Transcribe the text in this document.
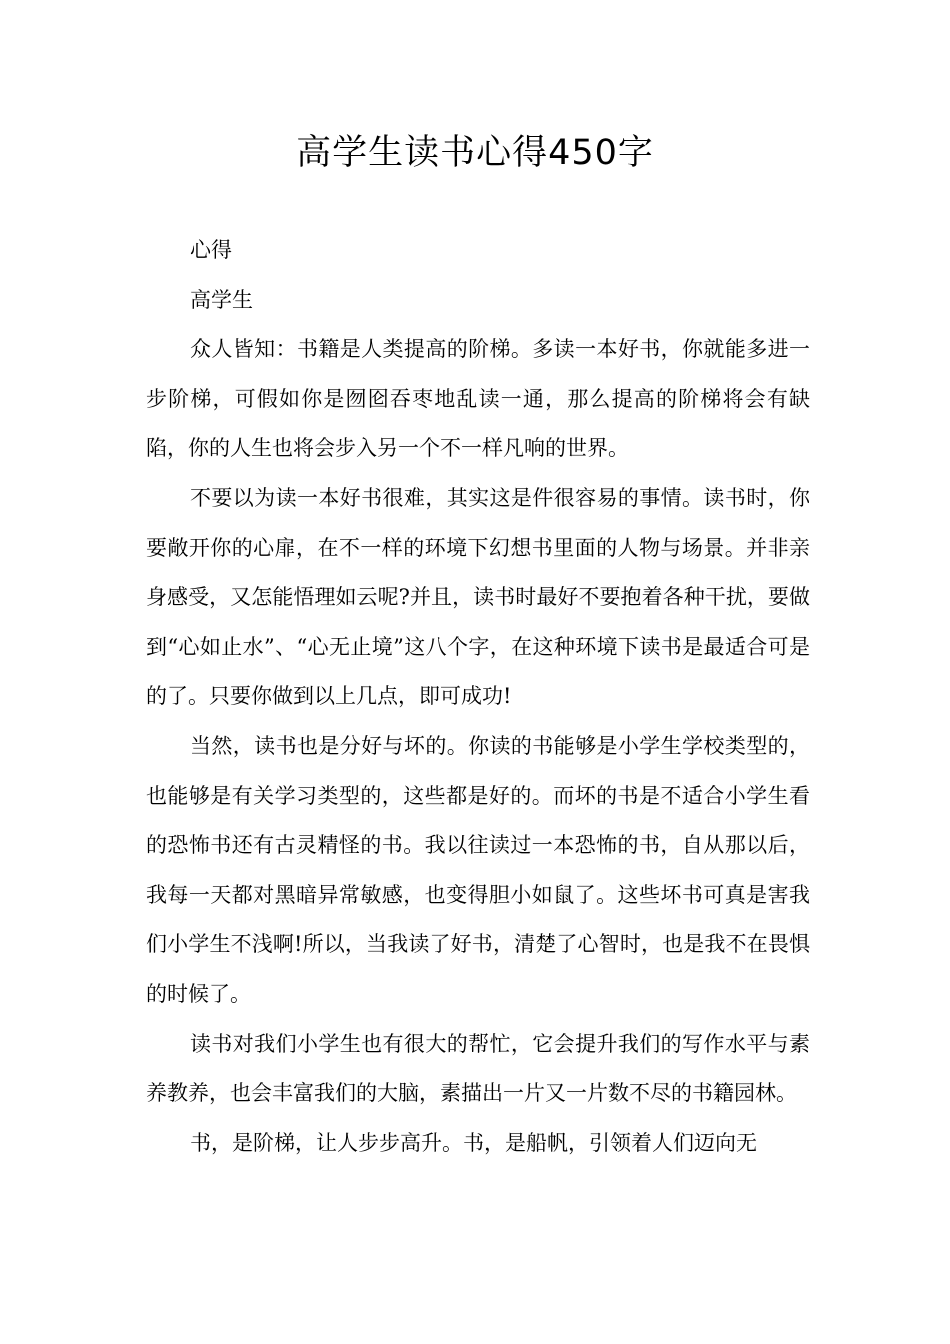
高学生读书心得450字

心得

高学生

众人皆知：书籍是人类提高的阶梯。多读一本好书，你就能多进一步阶梯，可假如你是囫囵吞枣地乱读一通，那么提高的阶梯将会有缺陷，你的人生也将会步入另一个不一样凡响的世界。

不要以为读一本好书很难，其实这是件很容易的事情。读书时，你要敞开你的心扉，在不一样的环境下幻想书里面的人物与场景。并非亲身感受，又怎能悟理如云呢?并且，读书时最好不要抱着各种干扰，要做到“心如止水”、“心无止境”这八个字，在这种环境下读书是最适合可是的了。只要你做到以上几点，即可成功!

当然，读书也是分好与坏的。你读的书能够是小学生学校类型的，也能够是有关学习类型的，这些都是好的。而坏的书是不适合小学生看的恐怖书还有古灵精怪的书。我以往读过一本恐怖的书，自从那以后，我每一天都对黑暗异常敏感，也变得胆小如鼠了。这些坏书可真是害我们小学生不浅啊!所以，当我读了好书，清楚了心智时，也是我不在畏惧的时候了。

读书对我们小学生也有很大的帮忙，它会提升我们的写作水平与素养教养，也会丰富我们的大脑，素描出一片又一片数不尽的书籍园林。

书，是阶梯，让人步步高升。书，是船帆，引领着人们迈向无
